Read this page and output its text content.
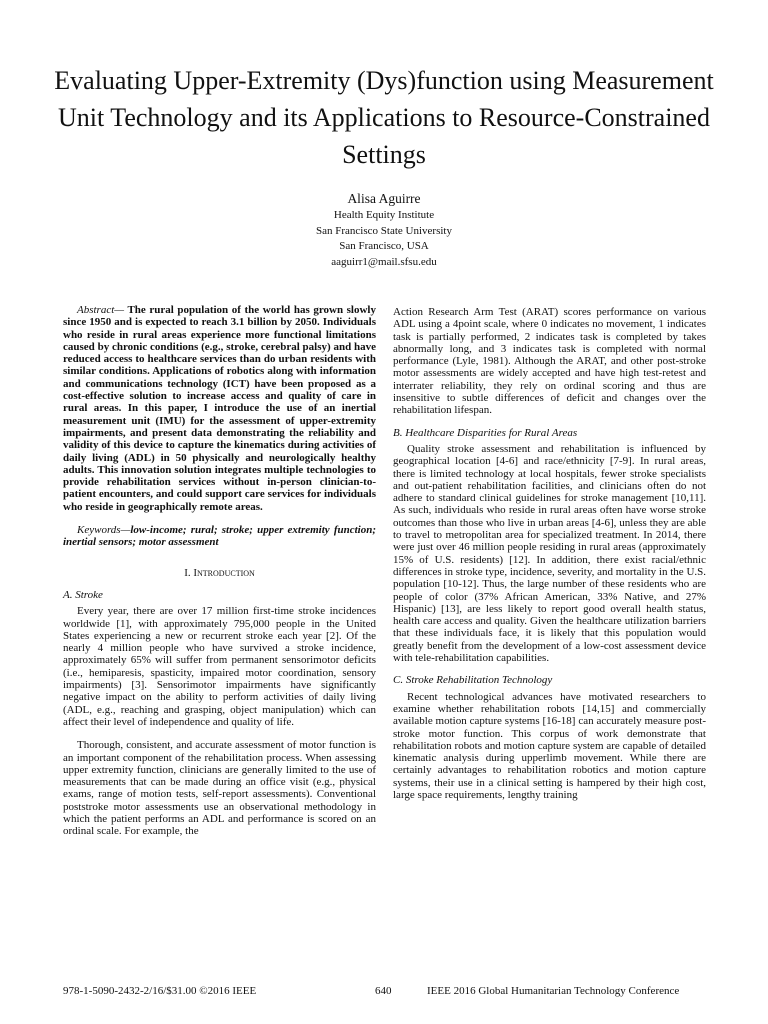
Evaluating Upper-Extremity (Dys)function using Measurement Unit Technology and its Applications to Resource-Constrained Settings
Alisa Aguirre
Health Equity Institute
San Francisco State University
San Francisco, USA
aaguirr1@mail.sfsu.edu

Abstract— The rural population of the world has grown slowly since 1950 and is expected to reach 3.1 billion by 2050. Individuals who reside in rural areas experience more functional limitations caused by chronic conditions (e.g., stroke, cerebral palsy) and have reduced access to healthcare services than do urban residents with similar conditions. Applications of robotics along with information and communications technology (ICT) have been proposed as a cost-effective solution to increase access and quality of care in rural areas. In this paper, I introduce the use of an inertial measurement unit (IMU) for the assessment of upper-extremity impairments, and present data demonstrating the reliability and validity of this device to capture the kinematics during activities of daily living (ADL) in 50 physically and neurologically healthy adults. This innovation solution integrates multiple technologies to provide rehabilitation services without in-person clinician-to-patient encounters, and could support care services for individuals who reside in geographically remote areas.

Keywords—low-income; rural; stroke; upper extremity function; inertial sensors; motor assessment

I. Introduction
A. Stroke

Every year, there are over 17 million first-time stroke incidences worldwide [1], with approximately 795,000 people in the United States experiencing a new or recurrent stroke each year [2]. Of the nearly 4 million people who have survived a stroke incidence, approximately 65% will suffer from permanent sensorimotor deficits (i.e., hemiparesis, spasticity, impaired motor coordination, sensory impairments) [3]. Sensorimotor impairments have significantly negative impact on the ability to perform activities of daily living (ADL, e.g., reaching and grasping, object manipulation) which can affect their level of independence and quality of life.

Thorough, consistent, and accurate assessment of motor function is an important component of the rehabilitation process. When assessing upper extremity function, clinicians are generally limited to the use of measurements that can be made during an office visit (e.g., physical exams, range of motion tests, self-report assessments). Conventional poststroke motor assessments use an observational methodology in which the patient performs an ADL and performance is scored on an ordinal scale. For example, the

Action Research Arm Test (ARAT) scores performance on various ADL using a 4point scale, where 0 indicates no movement, 1 indicates task is partially performed, 2 indicates task is completed by takes abnormally long, and 3 indicates task is completed with normal performance (Lyle, 1981). Although the ARAT, and other post-stroke motor assessments are widely accepted and have high test-retest and interrater reliability, they rely on ordinal scoring and thus are insensitive to subtle differences of deficit and changes over the rehabilitation lifespan.

B. Healthcare Disparities for Rural Areas

Quality stroke assessment and rehabilitation is influenced by geographical location [4-6] and race/ethnicity [7-9]. In rural areas, there is limited technology at local hospitals, fewer stroke specialists and out-patient rehabilitation facilities, and clinicians often do not adhere to standard clinical guidelines for stroke management [10,11]. As such, individuals who reside in rural areas often have worse stroke outcomes than those who live in urban areas [4-6], unless they are able to travel to metropolitan area for specialized treatment. In 2014, there were just over 46 million people residing in rural areas (approximately 15% of U.S. residents) [12]. In addition, there exist racial/ethnic differences in stroke type, incidence, severity, and mortality in the U.S. population [10-12]. Thus, the large number of these residents who are people of color (37% African American, 33% Native, and 27% Hispanic) [13], are less likely to report good overall health status, health care access and quality. Given the healthcare utilization barriers that these individuals face, it is likely that this population would greatly benefit from the development of a low-cost assessment device with tele-rehabilitation capabilities.

C. Stroke Rehabilitation Technology

Recent technological advances have motivated researchers to examine whether rehabilitation robots [14,15] and commercially available motion capture systems [16-18] can accurately measure post-stroke motor function. This corpus of work demonstrate that rehabilitation robots and motion capture system are capable of detailed kinematic analysis during upperlimb movement. While there are certainly advantages to rehabilitation robotics and motion capture systems, their use in a clinical setting is hampered by their high cost, large space requirements, lengthy training

978-1-5090-2432-2/16/$31.00 ©2016 IEEE	640	IEEE 2016 Global Humanitarian Technology Conference
